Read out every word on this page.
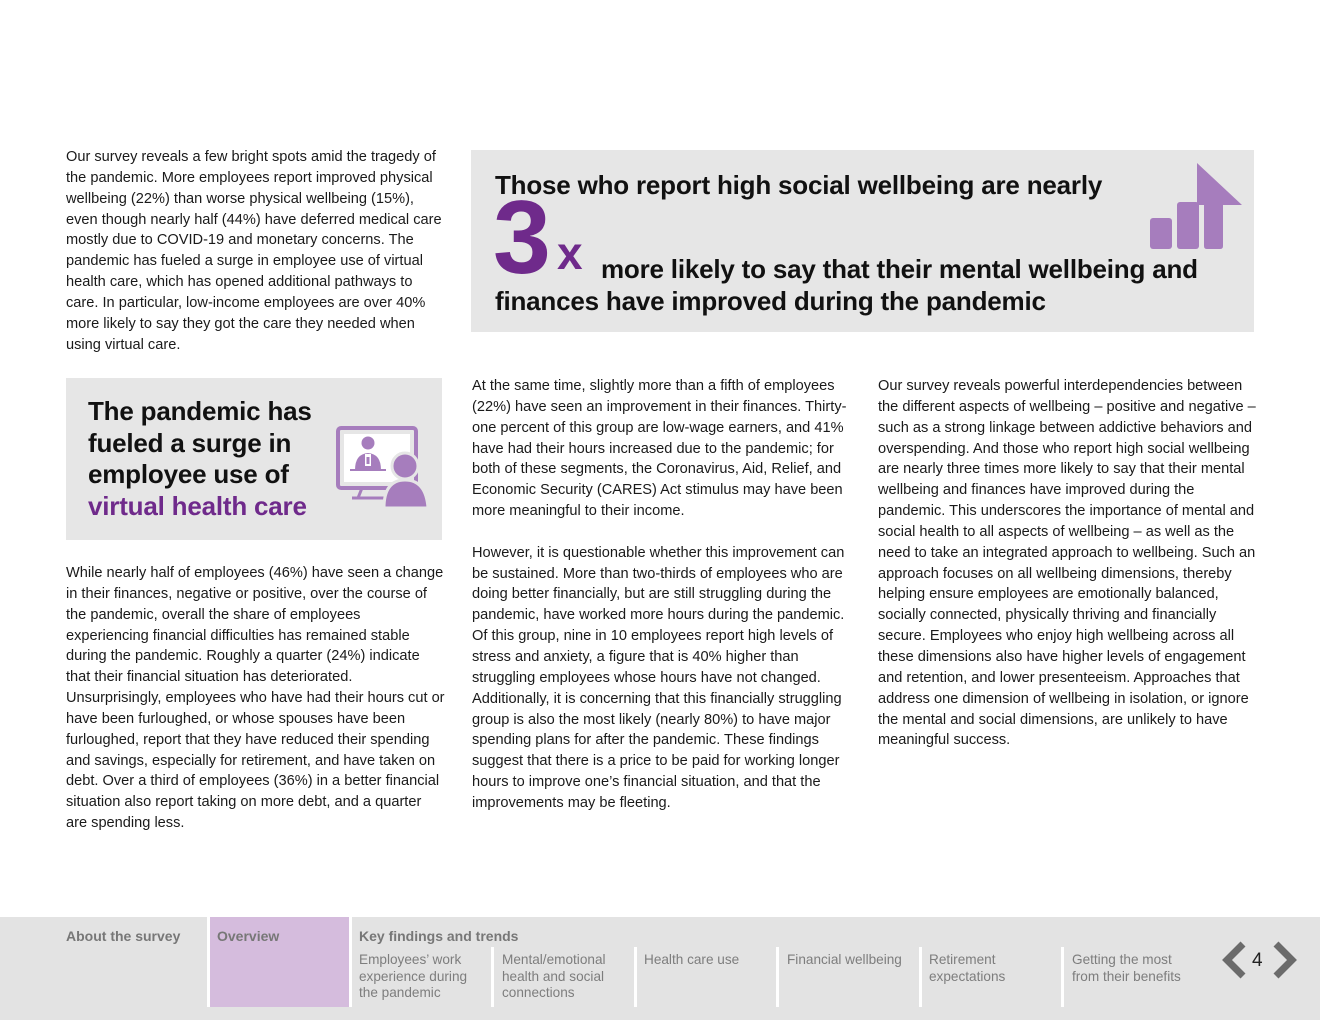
Our survey reveals a few bright spots amid the tragedy of the pandemic. More employees report improved physical wellbeing (22%) than worse physical wellbeing (15%), even though nearly half (44%) have deferred medical care mostly due to COVID-19 and monetary concerns. The pandemic has fueled a surge in employee use of virtual health care, which has opened additional pathways to care. In particular, low-income employees are over 40% more likely to say they got the care they needed when using virtual care.

Those who report high social wellbeing are nearly
3 x more likely to say that their mental wellbeing and
finances have improved during the pandemic
The pandemic has
fueled a surge in
employee use of
virtual health care

While nearly half of employees (46%) have seen a change in their finances, negative or positive, over the course of the pandemic, overall the share of employees experiencing financial difficulties has remained stable during the pandemic. Roughly a quarter (24%) indicate that their financial situation has deteriorated. Unsurprisingly, employees who have had their hours cut or have been furloughed, or whose spouses have been furloughed, report that they have reduced their spending and savings, especially for retirement, and have taken on debt. Over a third of employees (36%) in a better financial situation also report taking on more debt, and a quarter are spending less.

At the same time, slightly more than a fifth of employees (22%) have seen an improvement in their finances. Thirty-one percent of this group are low-wage earners, and 41% have had their hours increased due to the pandemic; for both of these segments, the Coronavirus, Aid, Relief, and Economic Security (CARES) Act stimulus may have been more meaningful to their income.

However, it is questionable whether this improvement can be sustained. More than two-thirds of employees who are doing better financially, but are still struggling during the pandemic, have worked more hours during the pandemic. Of this group, nine in 10 employees report high levels of stress and anxiety, a figure that is 40% higher than struggling employees whose hours have not changed. Additionally, it is concerning that this financially struggling group is also the most likely (nearly 80%) to have major spending plans for after the pandemic. These findings suggest that there is a price to be paid for working longer hours to improve one’s financial situation, and that the improvements may be fleeting.

Our survey reveals powerful interdependencies between the different aspects of wellbeing – positive and negative – such as a strong linkage between addictive behaviors and overspending. And those who report high social wellbeing are nearly three times more likely to say that their mental wellbeing and finances have improved during the pandemic. This underscores the importance of mental and social health to all aspects of wellbeing – as well as the need to take an integrated approach to wellbeing. Such an approach focuses on all wellbeing dimensions, thereby helping ensure employees are emotionally balanced, socially connected, physically thriving and financially secure. Employees who enjoy high wellbeing across all these dimensions also have higher levels of engagement and retention, and lower presenteeism. Approaches that address one dimension of wellbeing in isolation, or ignore the mental and social dimensions, are unlikely to have meaningful success.

About the survey	Overview	Key findings and trends
Employees’ work experience during the pandemic
Mental/emotional health and social connections
Health care use	Financial wellbeing	Retirement expectations
Getting the most from their benefits
4
